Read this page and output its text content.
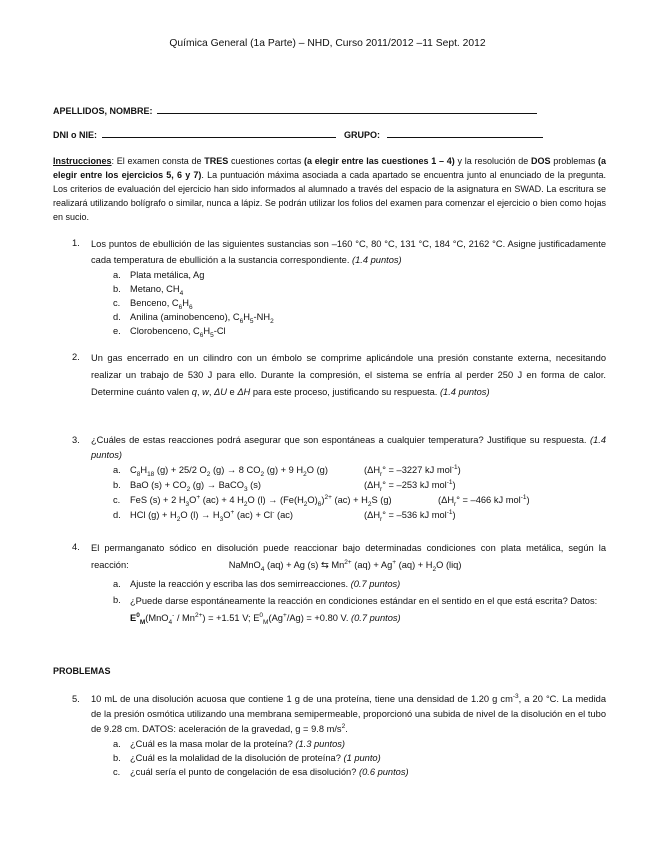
Química General (1a Parte) – NHD, Curso 2011/2012 –11 Sept. 2012
APELLIDOS, NOMBRE:
DNI o NIE:	GRUPO:
Instrucciones: El examen consta de TRES cuestiones cortas (a elegir entre las cuestiones 1 – 4) y la resolución de DOS problemas (a elegir entre los ejercicios 5, 6 y 7). La puntuación máxima asociada a cada apartado se encuentra junto al enunciado de la pregunta. Los criterios de evaluación del ejercicio han sido informados al alumnado a través del espacio de la asignatura en SWAD. La escritura se realizará utilizando bolígrafo o similar, nunca a lápiz. Se podrán utilizar los folios del examen para comenzar el ejercicio o bien como hojas en sucio.
1. Los puntos de ebullición de las siguientes sustancias son –160 °C, 80 °C, 131 °C, 184 °C, 2162 °C. Asigne justificadamente cada temperatura de ebullición a la sustancia correspondiente. (1.4 puntos)
a. Plata metálica, Ag
b. Metano, $CH_4$
c. Benceno, $C_6H_6$
d. Anilina (aminobenceno), $C_6H_5-NH_2$
e. Clorobenceno, $C_6H_5-Cl$
2. Un gas encerrado en un cilindro con un émbolo se comprime aplicándole una presión constante externa, necesitando realizar un trabajo de 530 J para ello. Durante la compresión, el sistema se enfría al perder 250 J en forma de calor. Determine cuánto valen q, w, ΔU e ΔH para este proceso, justificando su respuesta. (1.4 puntos)
3. ¿Cuáles de estas reacciones podrá asegurar que son espontáneas a cualquier temperatura? Justifique su respuesta. (1.4 puntos)
a. $C_8H_{18}$ (g) + 25/2 $O_2$ (g) → 8 $CO_2$ (g) + 9 $H_2O$ (g)	($\Delta H_r^\circ = -3227$ kJ mol$^{-1}$)
b. BaO $(s) + CO_2$ (g) → BaCO$_3$ (s)	($\Delta H_r^\circ = -253$ kJ mol$^{-1}$)
c. FeS (s) + 2 $H_3O^+$ (ac) + 4 $H_2O$ $(l) \to (Fe(H_2O)_6)^{2+}$ $(ac) + H_2S$ (g)	($\Delta H_r^\circ = -466$ kJ mol$^{-1}$)
d. HCl $(g) + H_2O$ $(l) \to H_3O^+$ (ac) + Cl- (ac)	($\Delta H_r^\circ = -536$ kJ mol$^{-1}$)
4. El permanganato sódico en disolución puede reaccionar bajo determinadas condiciones con plata metálica, según la reacción:	NaMnO$_4$ (aq) + Ag (s) ⇆ $Mn^{2+}$ (aq) + Ag+ $(aq) + H_2O$ (liq)
a. Ajuste la reacción y escriba las dos semirreacciones. (0.7 puntos)
b. ¿Puede darse espontáneamente la reacción en condiciones estándar en el sentido en el que está escrita? Datos: $E^0_M(MnO_4^- / Mn^{2+}) = +1.51$ V; $E^0_M(Ag^+/Ag) = +0.80$ V. (0.7 puntos)
PROBLEMAS
5. 10 mL de una disolución acuosa que contiene 1 g de una proteína, tiene una densidad de 1.20 g $cm^{-3}$, a 20 °C. La medida de la presión osmótica utilizando una membrana semipermeable, proporcionó una subida de nivel de la disolución en el tubo de 9.28 cm. DATOS: aceleración de la gravedad, g = 9.8 $m/s^2$.
a. ¿Cuál es la masa molar de la proteína? (1.3 puntos)
b. ¿Cuál es la molalidad de la disolución de proteína? (1 punto)
c. ¿cuál sería el punto de congelación de esa disolución? (0.6 puntos)
